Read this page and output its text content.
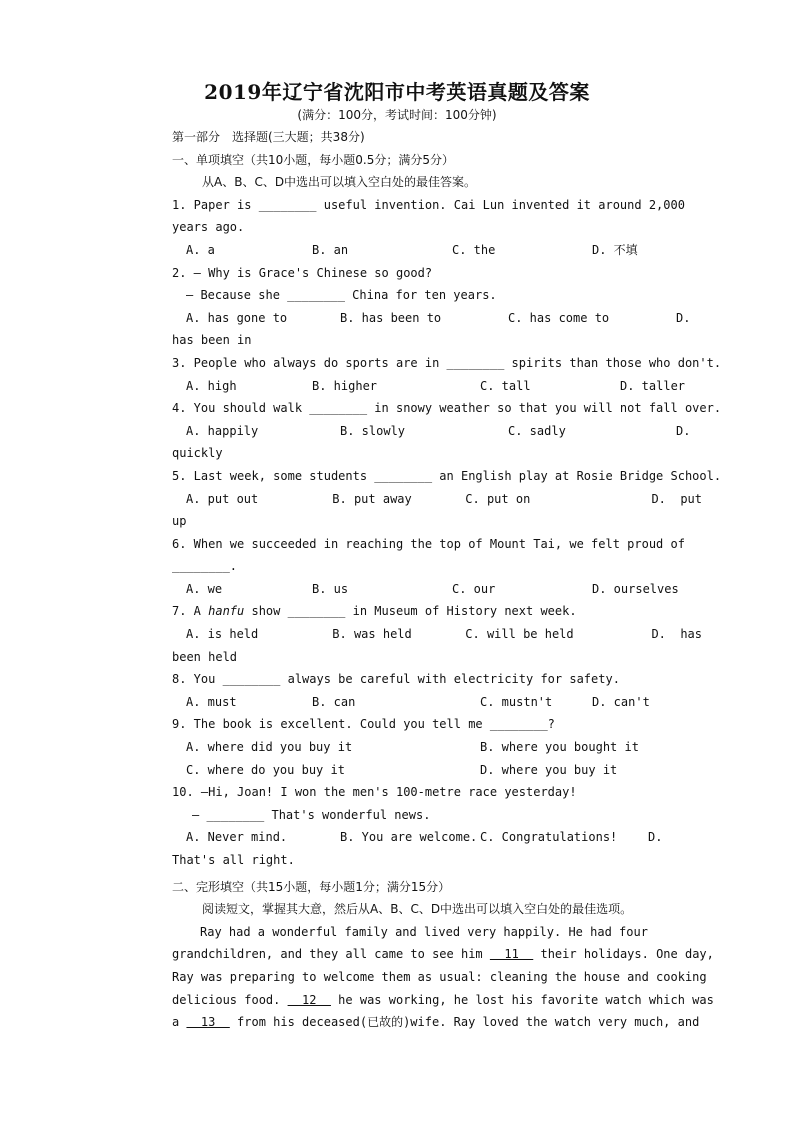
2019年辽宁省沈阳市中考英语真题及答案
(满分：100分，考试时间：100分钟)
第一部分　选择题(三大题；共38分)
一、单项填空（共10小题，每小题0.5分；满分5分）
从A、B、C、D中选出可以填入空白处的最佳答案。
1. Paper is ________ useful invention. Cai Lun invented it around 2,000
years ago.
A. a	B. an	C. the	D. 不填
2. — Why is Grace's Chinese so good?
— Because she ________ China for ten years.
A. has gone to	B. has been to	C. has come to	D.
has been in
3. People who always do sports are in ________ spirits than those who don't.
A. high	B. higher	C. tall	D. taller
4. You should walk ________ in snowy weather so that you will not fall over.
A. happily	B. slowly	C. sadly	D.
quickly
5. Last week, some students ________ an English play at Rosie Bridge School.
A. put out	B. put away	C. put on	D.  put
up
6. When we succeeded in reaching the top of Mount Tai, we felt proud of
________.
A. we	B. us	C. our	D. ourselves
7. A hanfu show ________ in Museum of History next week.
A. is held	B. was held	C. will be held	D.  has
been held
8. You ________ always be careful with electricity for safety.
A. must	B. can	C. mustn't	D. can't
9. The book is excellent. Could you tell me ________?
A. where did you buy it	B. where you bought it
C. where do you buy it	D. where you buy it
10. —Hi, Joan! I won the men's 100-metre race yesterday!
— ________ That's wonderful news.
A. Never mind.	B. You are welcome. C. Congratulations!	D.
That's all right.
二、完形填空（共15小题，每小题1分；满分15分）
阅读短文，掌握其大意，然后从A、B、C、D中选出可以填入空白处的最佳选项。
Ray had a wonderful family and lived very happily. He had four
grandchildren, and they all came to see him   11   their holidays. One day,
Ray was preparing to welcome them as usual: cleaning the house and cooking
delicious food.   12   he was working, he lost his favorite watch which was
a   13   from his deceased(已故的)wife. Ray loved the watch very much, and
